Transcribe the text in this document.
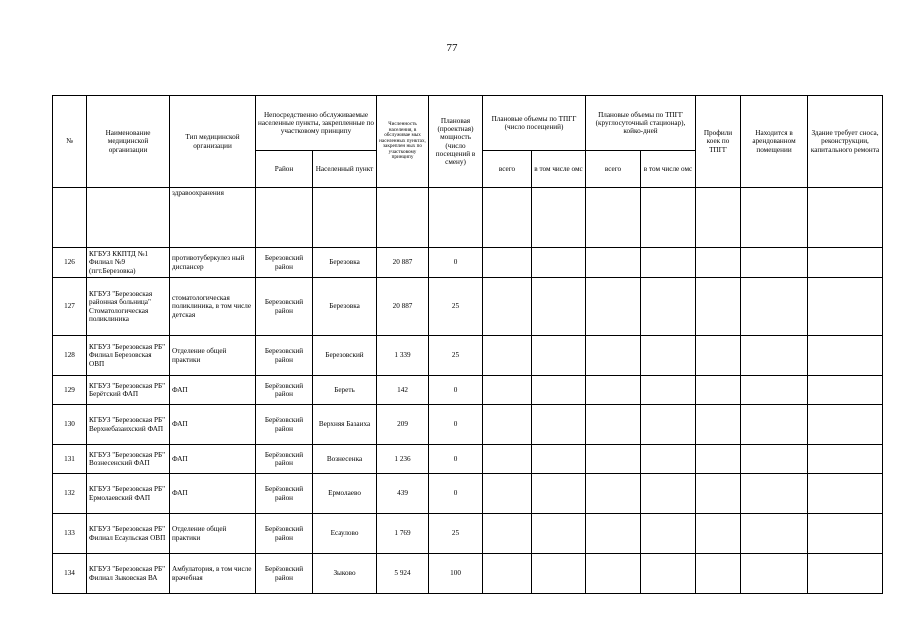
77
№	Наименование медицинской организации	Тип медицинской организации	Непосредственно обслуживаемые населенные пункты, закрепленные по участковому принципу		Численность населения, в обслуживае мых населенных пунктах, закреплен ных по участковому принципу	Плановая (проектная) мощность (число посещений в смену)	Плановые объемы по ТПГГ (число посещений)		Плановые объемы по ТПГГ (круглосуточный стационар), койко-дней		Профили коек по ТПГГ	Находится в арендованном помещении	Здание требует сноса, реконструкции, капитального ремонта
			Район	Населенный пункт			всего	в том числе омс	всего	в том числе омс			
		здравоохранения											
126	КГБУЗ ККПТД №1 Филиал №9 (пгт.Березовка)	противотуберкулез ный диспансер	Березовский район	Березовка	20 887	0							
127	КГБУЗ "Березовская районная больница" Стоматологическая поликлиника	стоматологическая поликлиника, в том числе детская	Березовский район	Березовка	20 887	25							
128	КГБУЗ "Березовская РБ" Филиал Березовская ОВП	Отделение общей практики	Березовский район	Березовский	1 339	25							
129	КГБУЗ "Березовская РБ" Берётский ФАП	ФАП	Берёзовский район	Береть	142	0							
130	КГБУЗ "Березовская РБ" Верхнебазаихский ФАП	ФАП	Берёзовский район	Верхняя Базаиха	209	0							
131	КГБУЗ "Березовская РБ" Вознесенский ФАП	ФАП	Берёзовский район	Вознесенка	1 236	0							
132	КГБУЗ "Березовская РБ" Ермолаевский ФАП	ФАП	Берёзовский район	Ермолаево	439	0							
133	КГБУЗ "Березовская РБ" Филиал Есаульская ОВП	Отделение общей практики	Берёзовский район	Есаулово	1 769	25							
134	КГБУЗ "Березовская РБ" Филиал Зыковская ВА	Амбулатория, в том числе врачебная	Берёзовский район	Зыково	5 924	100							
